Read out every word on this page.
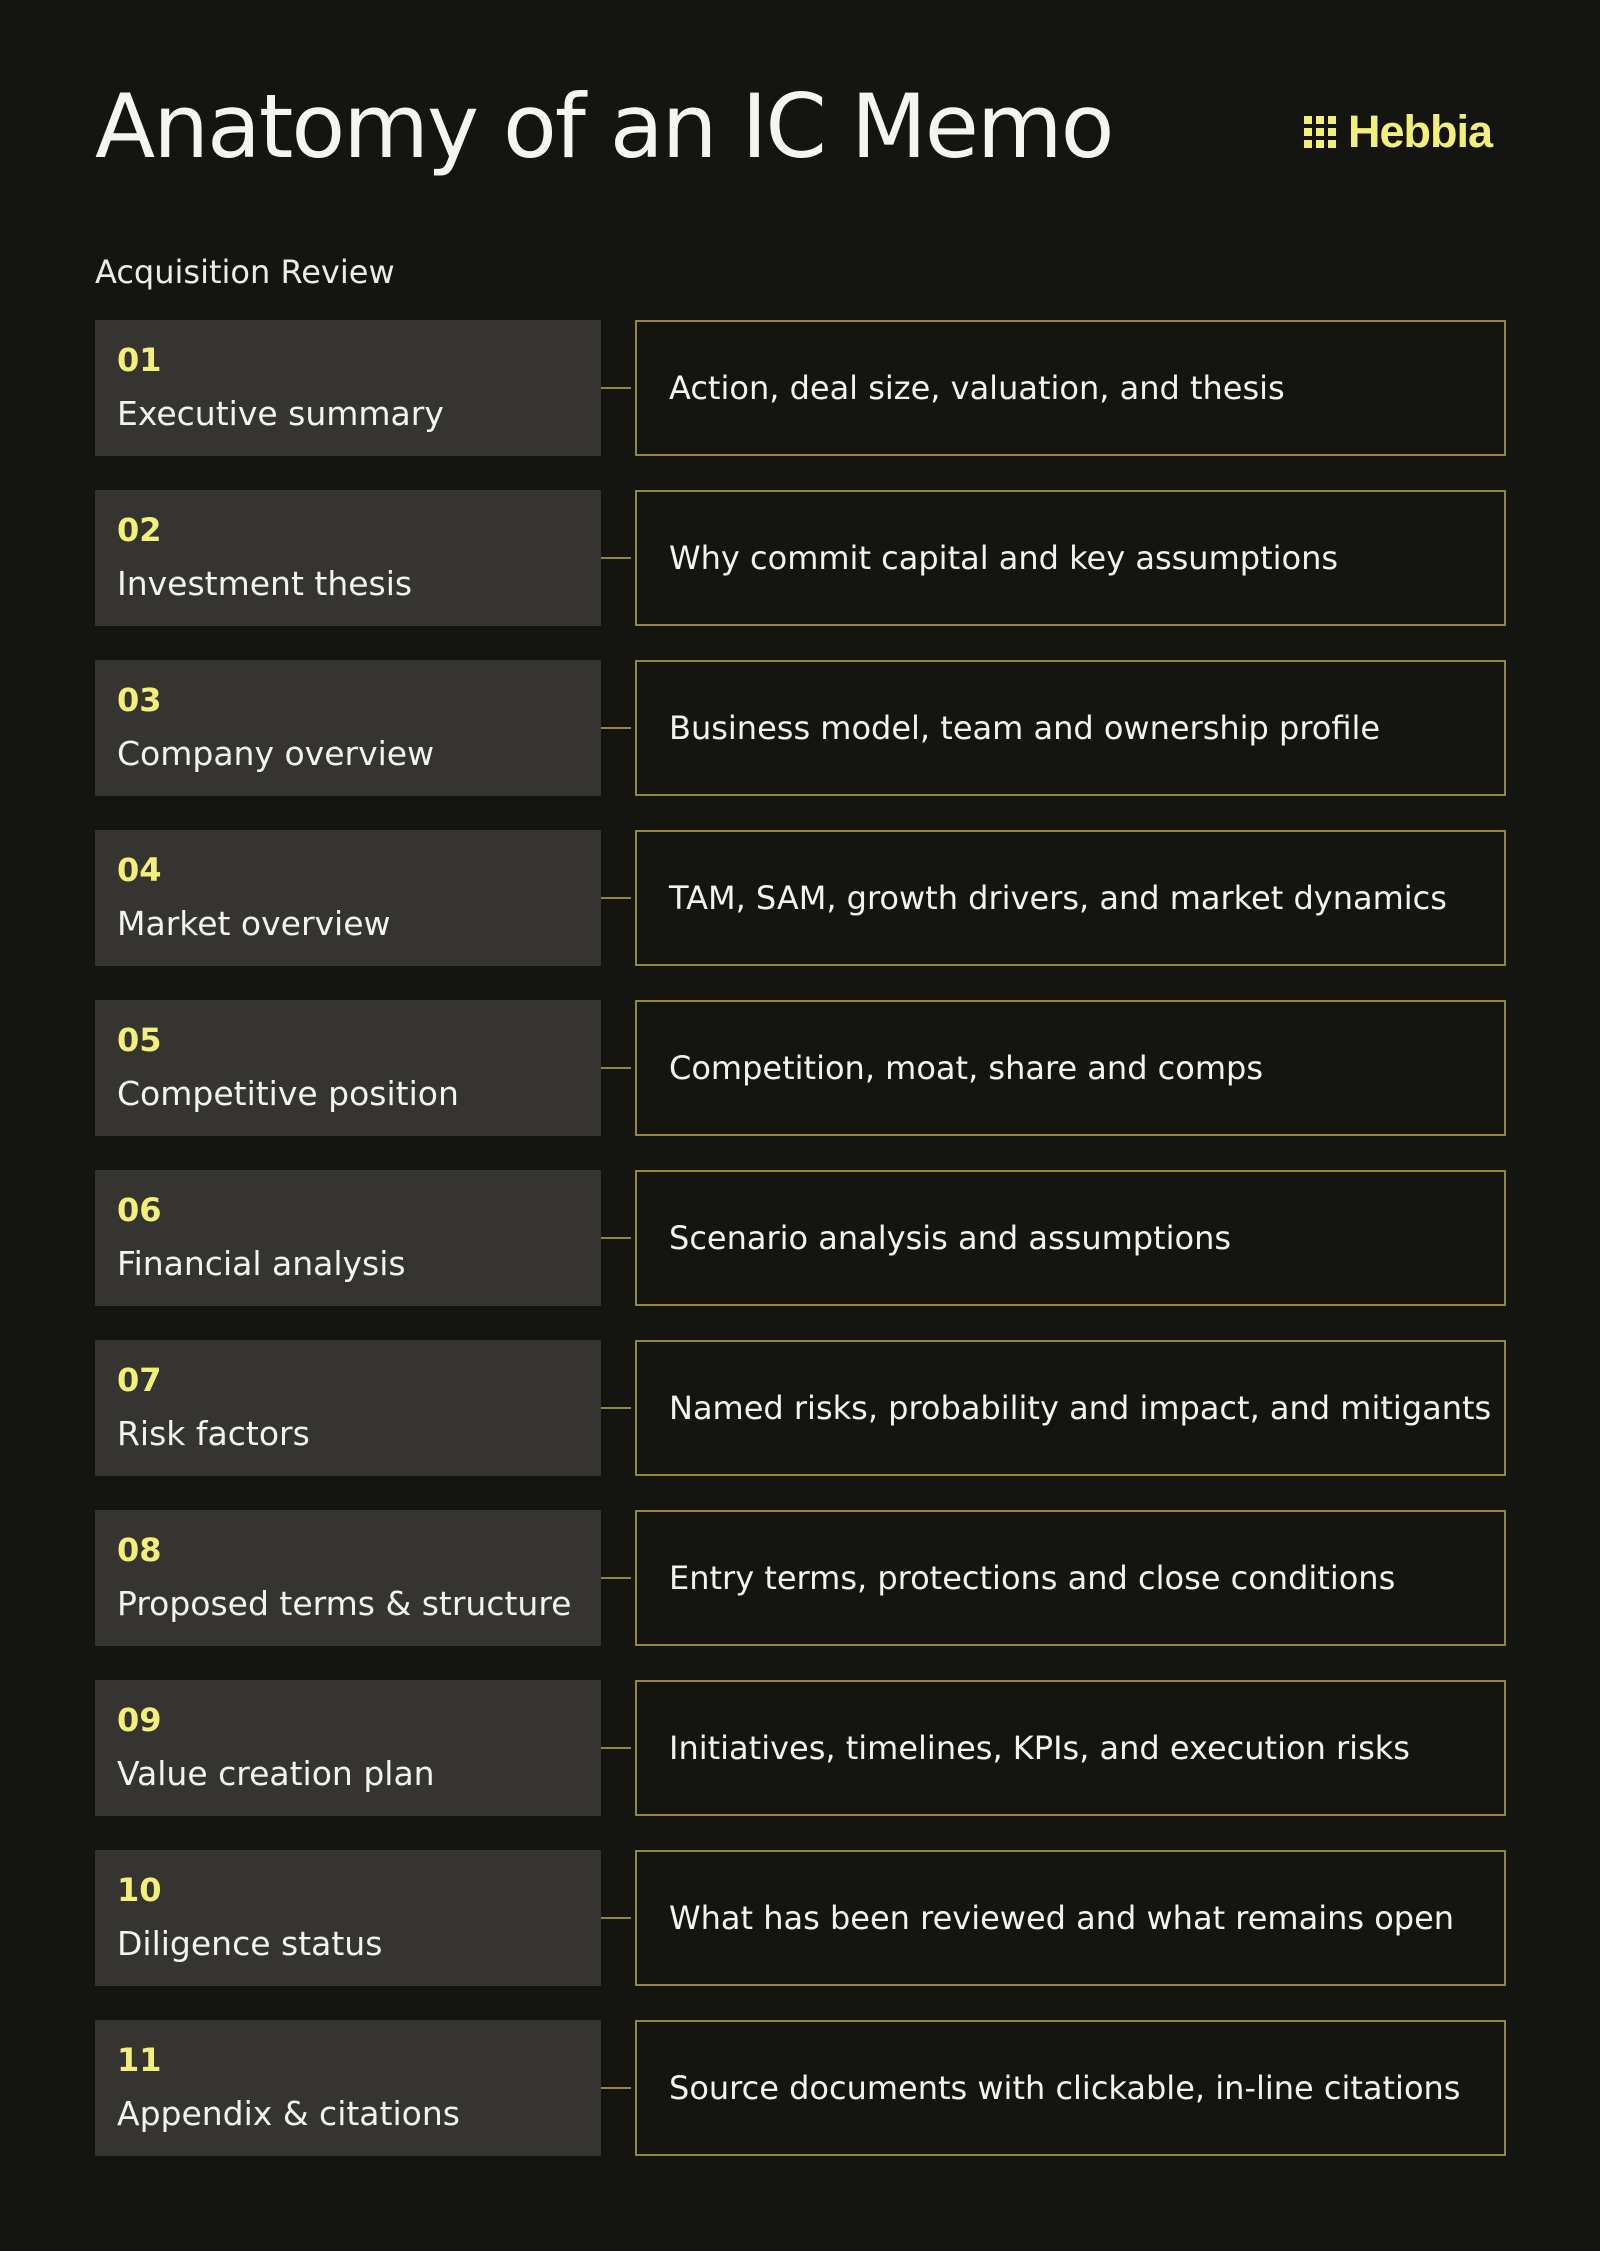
Anatomy of an IC Memo	Hebbia
Acquisition Review
01
Executive summary
Action, deal size, valuation, and thesis
02
Investment thesis
Why commit capital and key assumptions
03
Company overview
Business model, team and ownership profile
04
Market overview
TAM, SAM, growth drivers, and market dynamics
05
Competitive position
Competition, moat, share and comps
06
Financial analysis
Scenario analysis and assumptions
07
Risk factors
Named risks, probability and impact, and mitigants
08
Proposed terms & structure
Entry terms, protections and close conditions
09
Value creation plan
Initiatives, timelines, KPIs, and execution risks
10
Diligence status
What has been reviewed and what remains open
11
Appendix & citations
Source documents with clickable, in-line citations
